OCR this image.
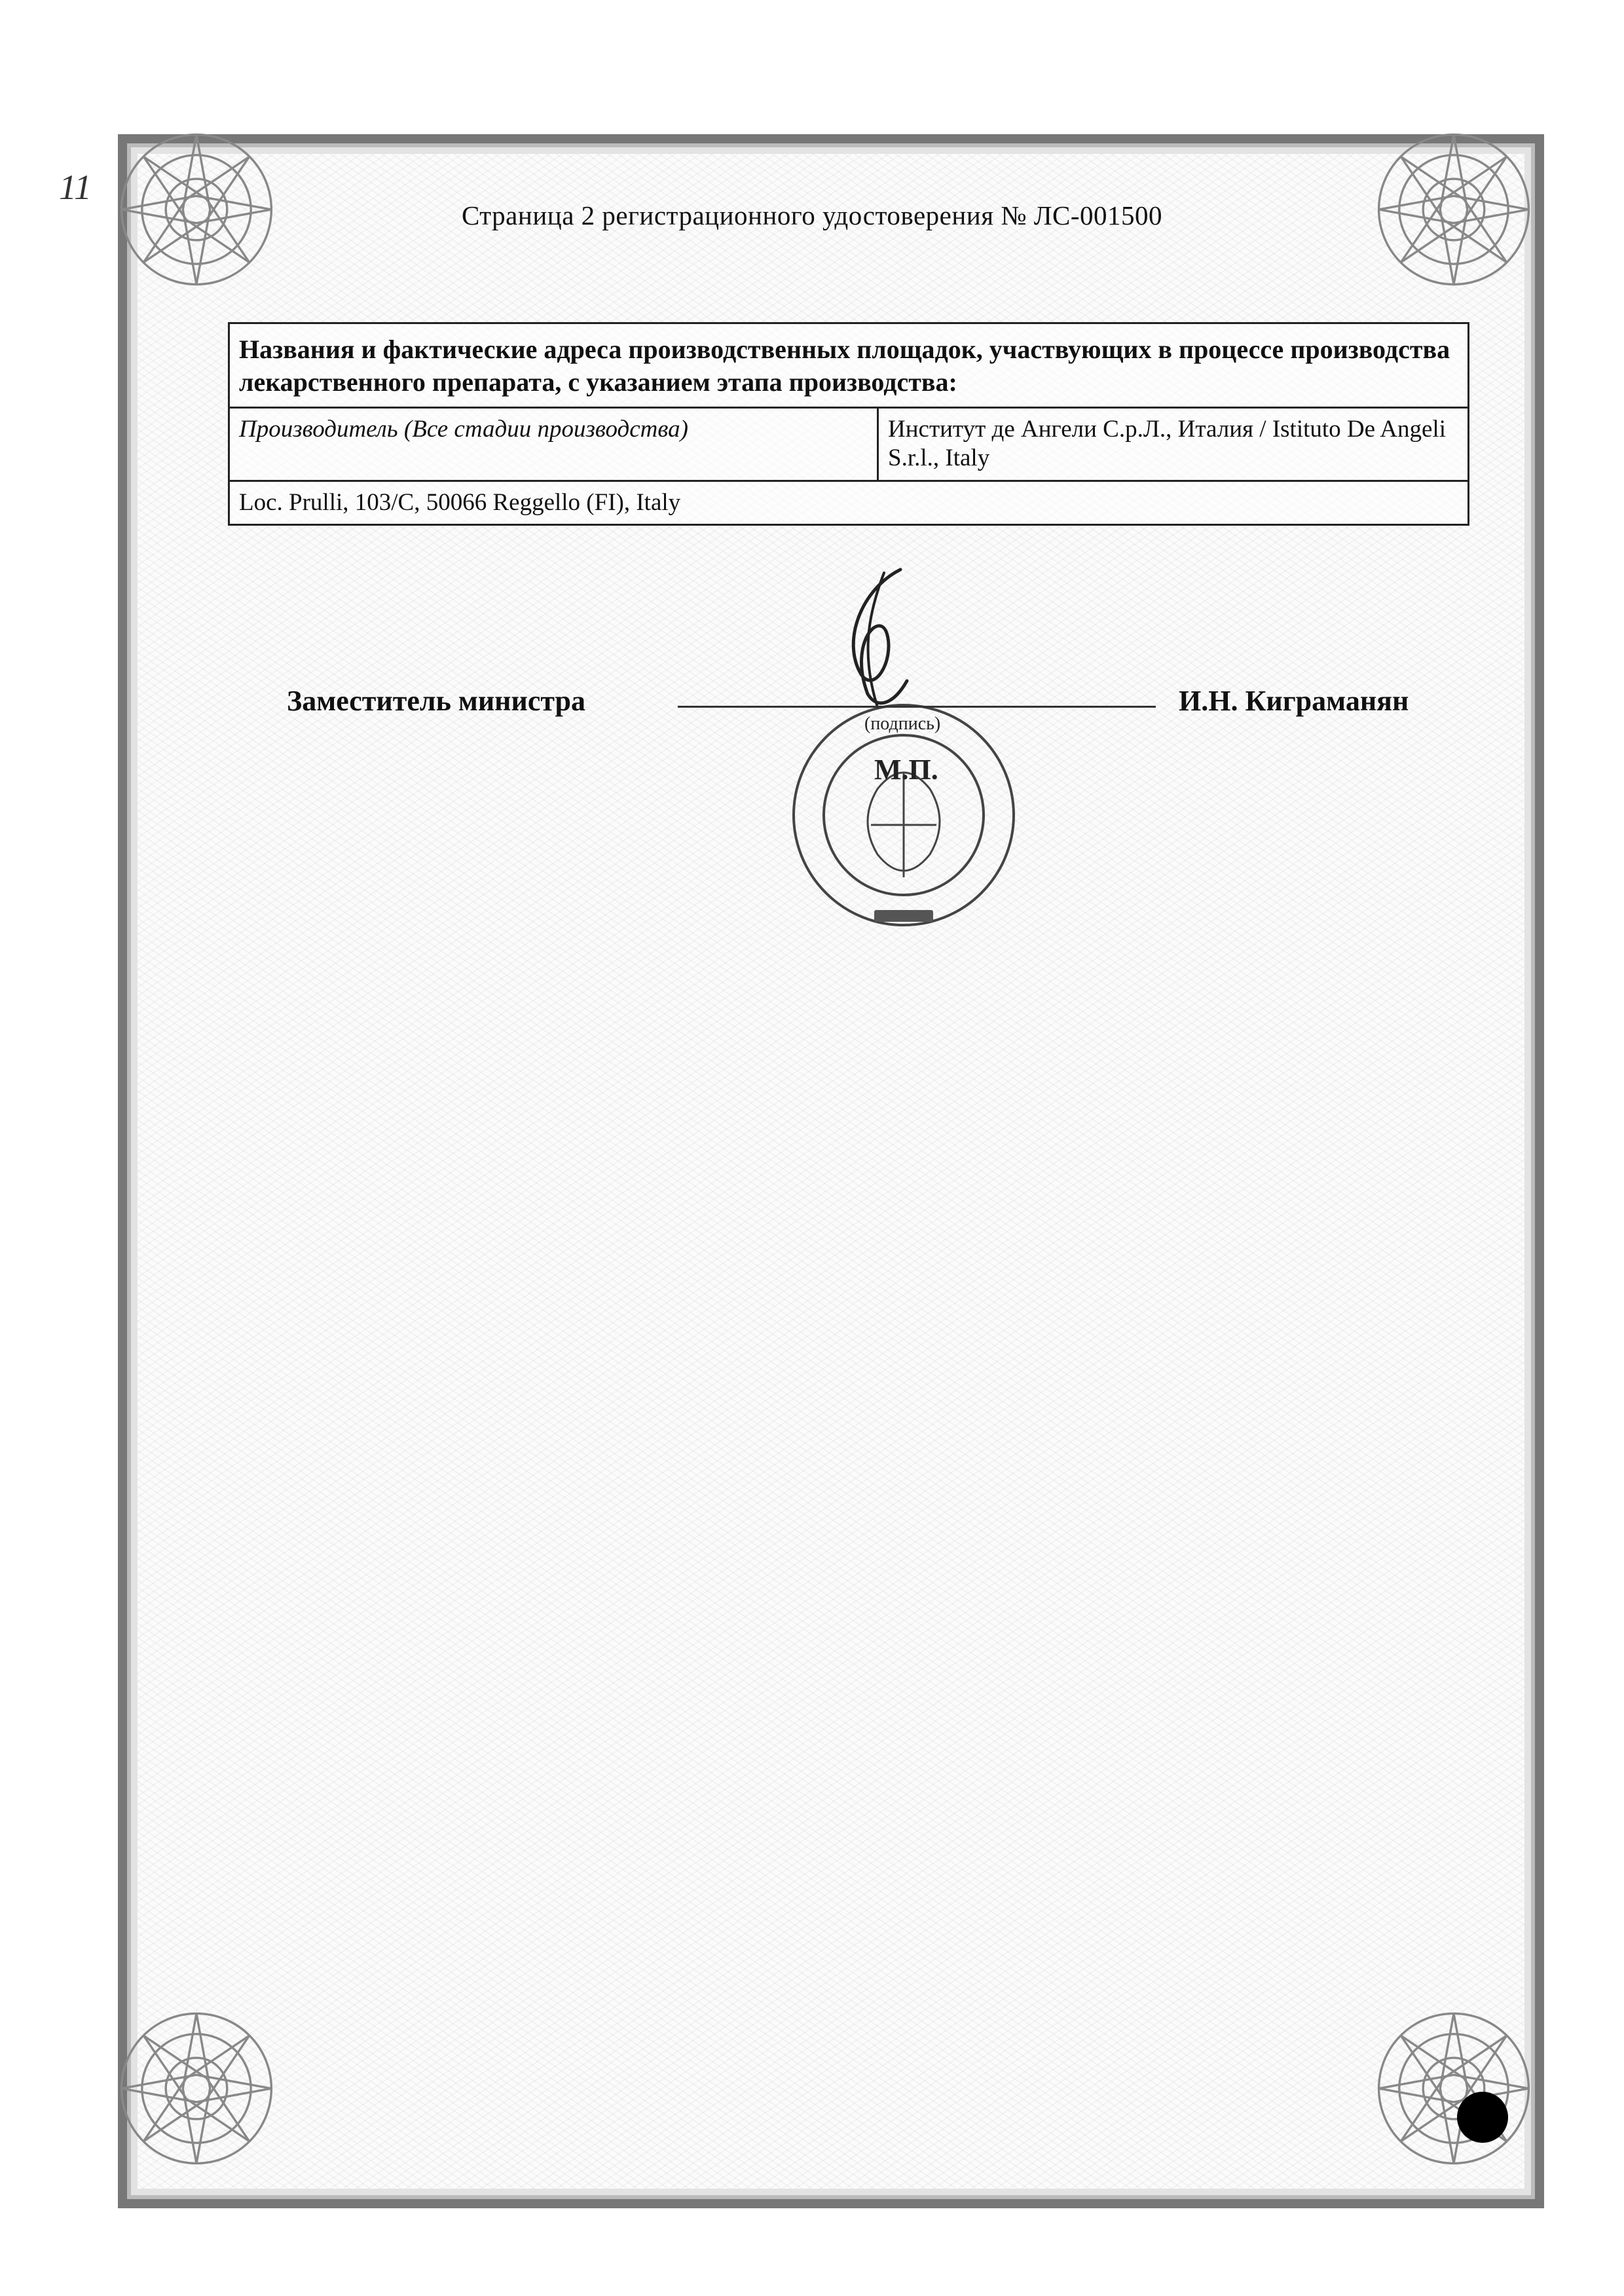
11
Страница 2 регистрационного удостоверения № ЛС-001500
Названия и фактические адреса производственных площадок, участвующих в процессе производства лекарственного препарата, с указанием этапа производства:
Производитель (Все стадии производства)	Институт де Ангели С.р.Л., Италия / Istituto De Angeli S.r.l., Italy
Loc. Prulli, 103/C, 50066 Reggello (FI), Italy
Заместитель министра
(подпись)
М.П.
И.Н. Киграманян
